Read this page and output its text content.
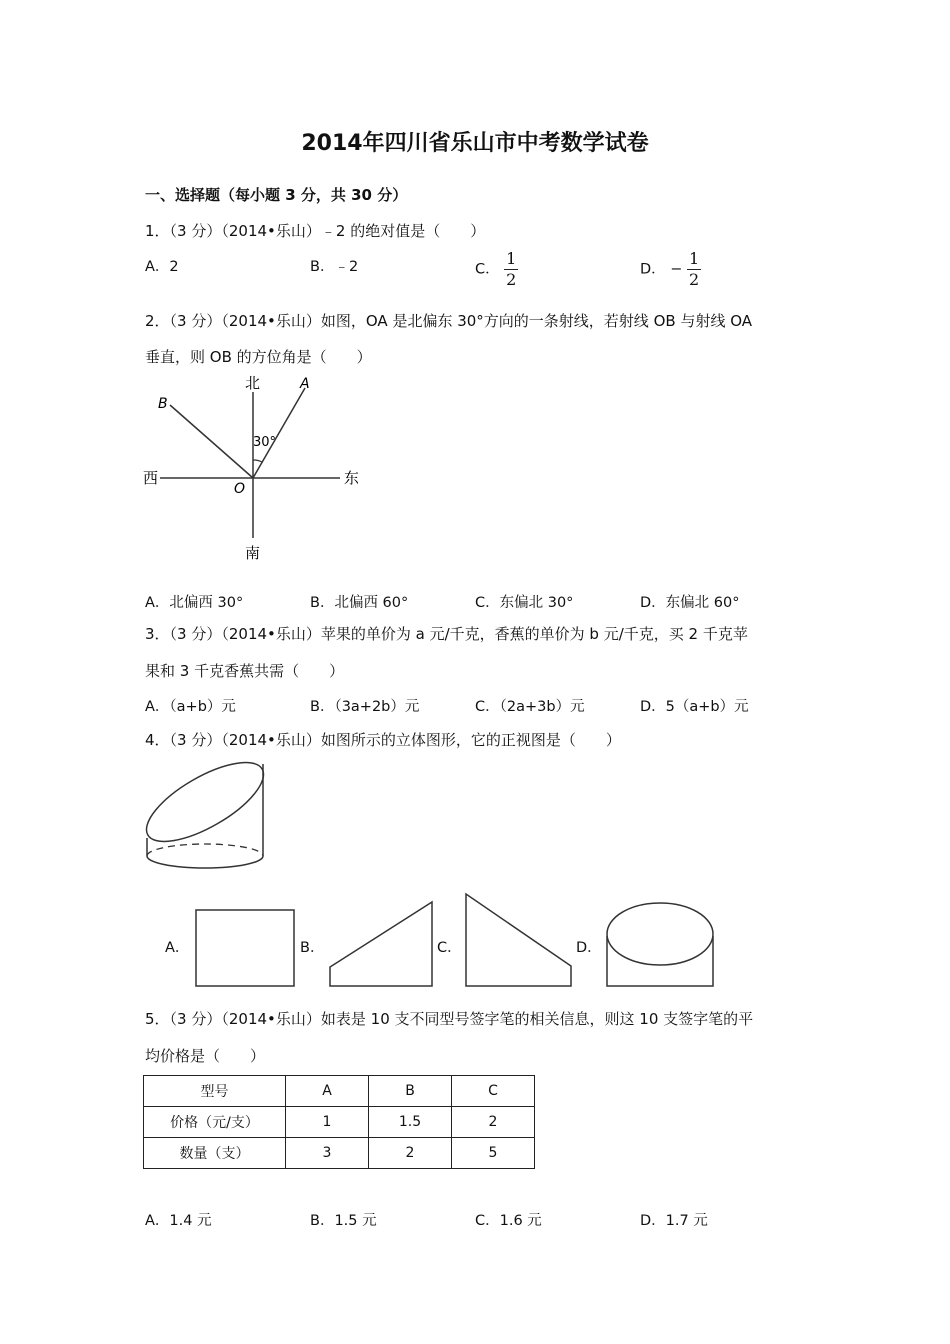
2014年四川省乐山市中考数学试卷
一、选择题（每小题 3 分，共 30 分）
1．（3 分）（2014•乐山）﹣2 的绝对值是（　　）
A．2	B．﹣2	C． $\frac{1}{2}$	D． − $\frac{1}{2}$
2．（3 分）（2014•乐山）如图，OA 是北偏东 30°方向的一条射线，若射线 OB 与射线 OA
垂直，则 OB 的方位角是（　　）
北
南
西	东
A
B
O
30°
A．北偏西 30°	B．北偏西 60°	C．东偏北 30°	D．东偏北 60°
3．（3 分）（2014•乐山）苹果的单价为 a 元/千克，香蕉的单价为 b 元/千克，买 2 千克苹
果和 3 千克香蕉共需（　　）
A．（a+b）元	B．（3a+2b）元	C．（2a+3b）元	D．5（a+b）元
4．（3 分）（2014•乐山）如图所示的立体图形，它的正视图是（　　）
A．	B．	C．	D．
5．（3 分）（2014•乐山）如表是 10 支不同型号签字笔的相关信息，则这 10 支签字笔的平
均价格是（　　）
型号	A	B	C
价格（元/支）	1	1.5	2
数量（支）	3	2	5
A．1.4 元	B．1.5 元	C．1.6 元	D．1.7 元
